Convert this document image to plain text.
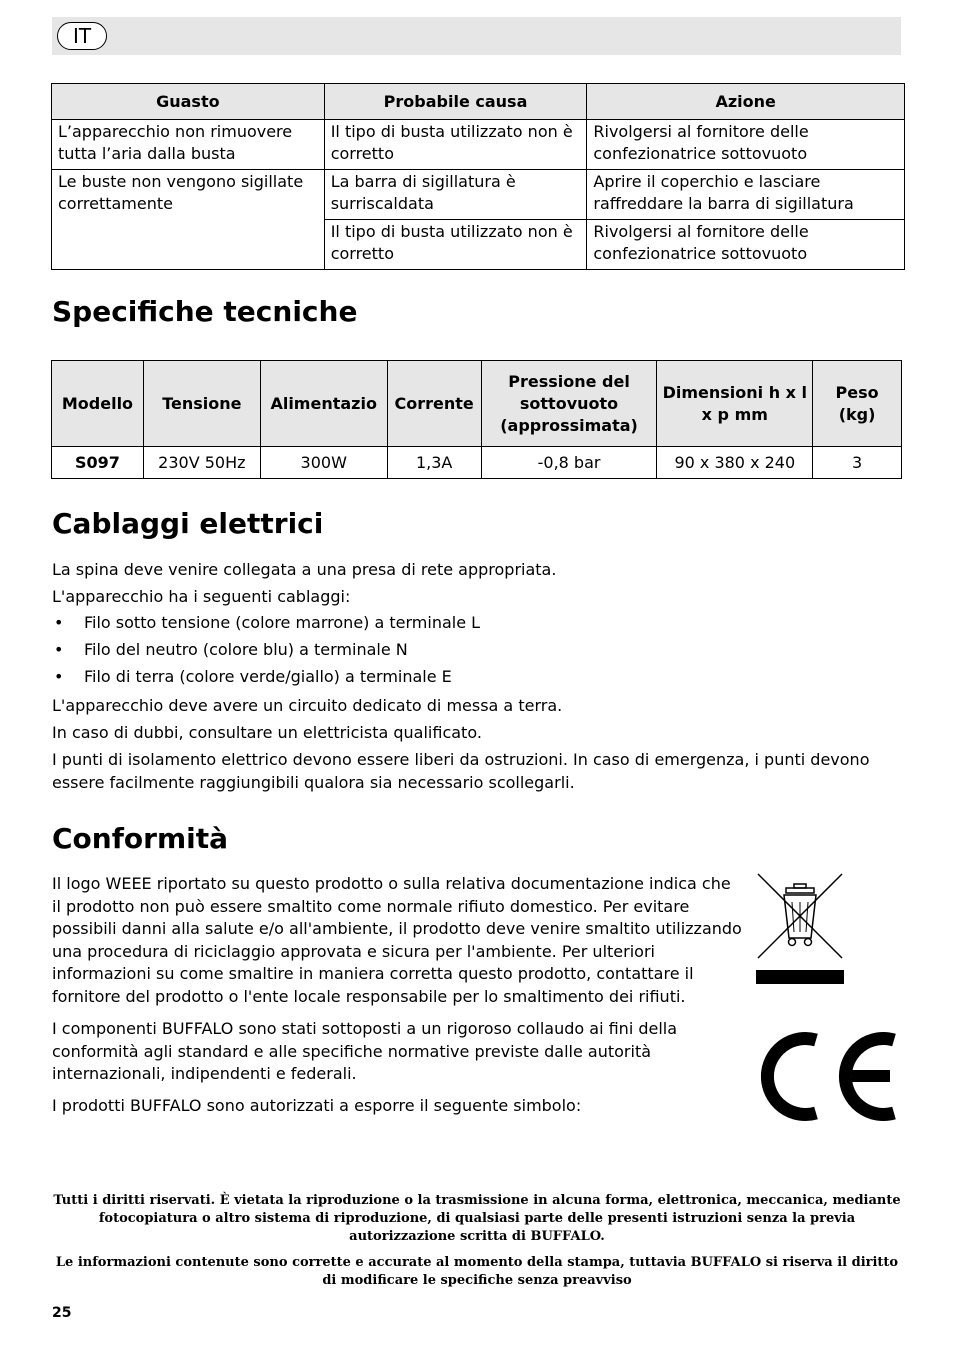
IT
Guasto	Probabile causa	Azione
L’apparecchio non rimuovere tutta l’aria dalla busta	Il tipo di busta utilizzato non è corretto	Rivolgersi al fornitore delle confezionatrice sottovuoto
Le buste non vengono sigillate correttamente	La barra di sigillatura è surriscaldata	Aprire il coperchio e lasciare raffreddare la barra di sigillatura
	Il tipo di busta utilizzato non è corretto	Rivolgersi al fornitore delle confezionatrice sottovuoto
Specifiche tecniche
Modello	Tensione	Alimentazio	Corrente	Pressione del sottovuoto (approssimata)	Dimensioni h x l x p mm	Peso (kg)
S097	230V 50Hz	300W	1,3A	-0,8 bar	90 x 380 x 240	3
Cablaggi elettrici

La spina deve venire collegata a una presa di rete appropriata.

L'apparecchio ha i seguenti cablaggi:

• Filo sotto tensione (colore marrone) a terminale L
• Filo del neutro (colore blu) a terminale N
• Filo di terra (colore verde/giallo) a terminale E

L'apparecchio deve avere un circuito dedicato di messa a terra.

In caso di dubbi, consultare un elettricista qualificato.

I punti di isolamento elettrico devono essere liberi da ostruzioni. In caso di emergenza, i punti devono essere facilmente raggiungibili qualora sia necessario scollegarli.

Conformità

Il logo WEEE riportato su questo prodotto o sulla relativa documentazione indica che il prodotto non può essere smaltito come normale rifiuto domestico. Per evitare possibili danni alla salute e/o all'ambiente, il prodotto deve venire smaltito utilizzando una procedura di riciclaggio approvata e sicura per l'ambiente. Per ulteriori informazioni su come smaltire in maniera corretta questo prodotto, contattare il fornitore del prodotto o l'ente locale responsabile per lo smaltimento dei rifiuti.

I componenti BUFFALO sono stati sottoposti a un rigoroso collaudo ai fini della conformità agli standard e alle specifiche normative previste dalle autorità internazionali, indipendenti e federali.

I prodotti BUFFALO sono autorizzati a esporre il seguente simbolo:

Tutti i diritti riservati. È vietata la riproduzione o la trasmissione in alcuna forma, elettronica, meccanica, mediante fotocopiatura o altro sistema di riproduzione, di qualsiasi parte delle presenti istruzioni senza la previa autorizzazione scritta di BUFFALO.

Le informazioni contenute sono corrette e accurate al momento della stampa, tuttavia BUFFALO si riserva il diritto di modificare le specifiche senza preavviso

25
